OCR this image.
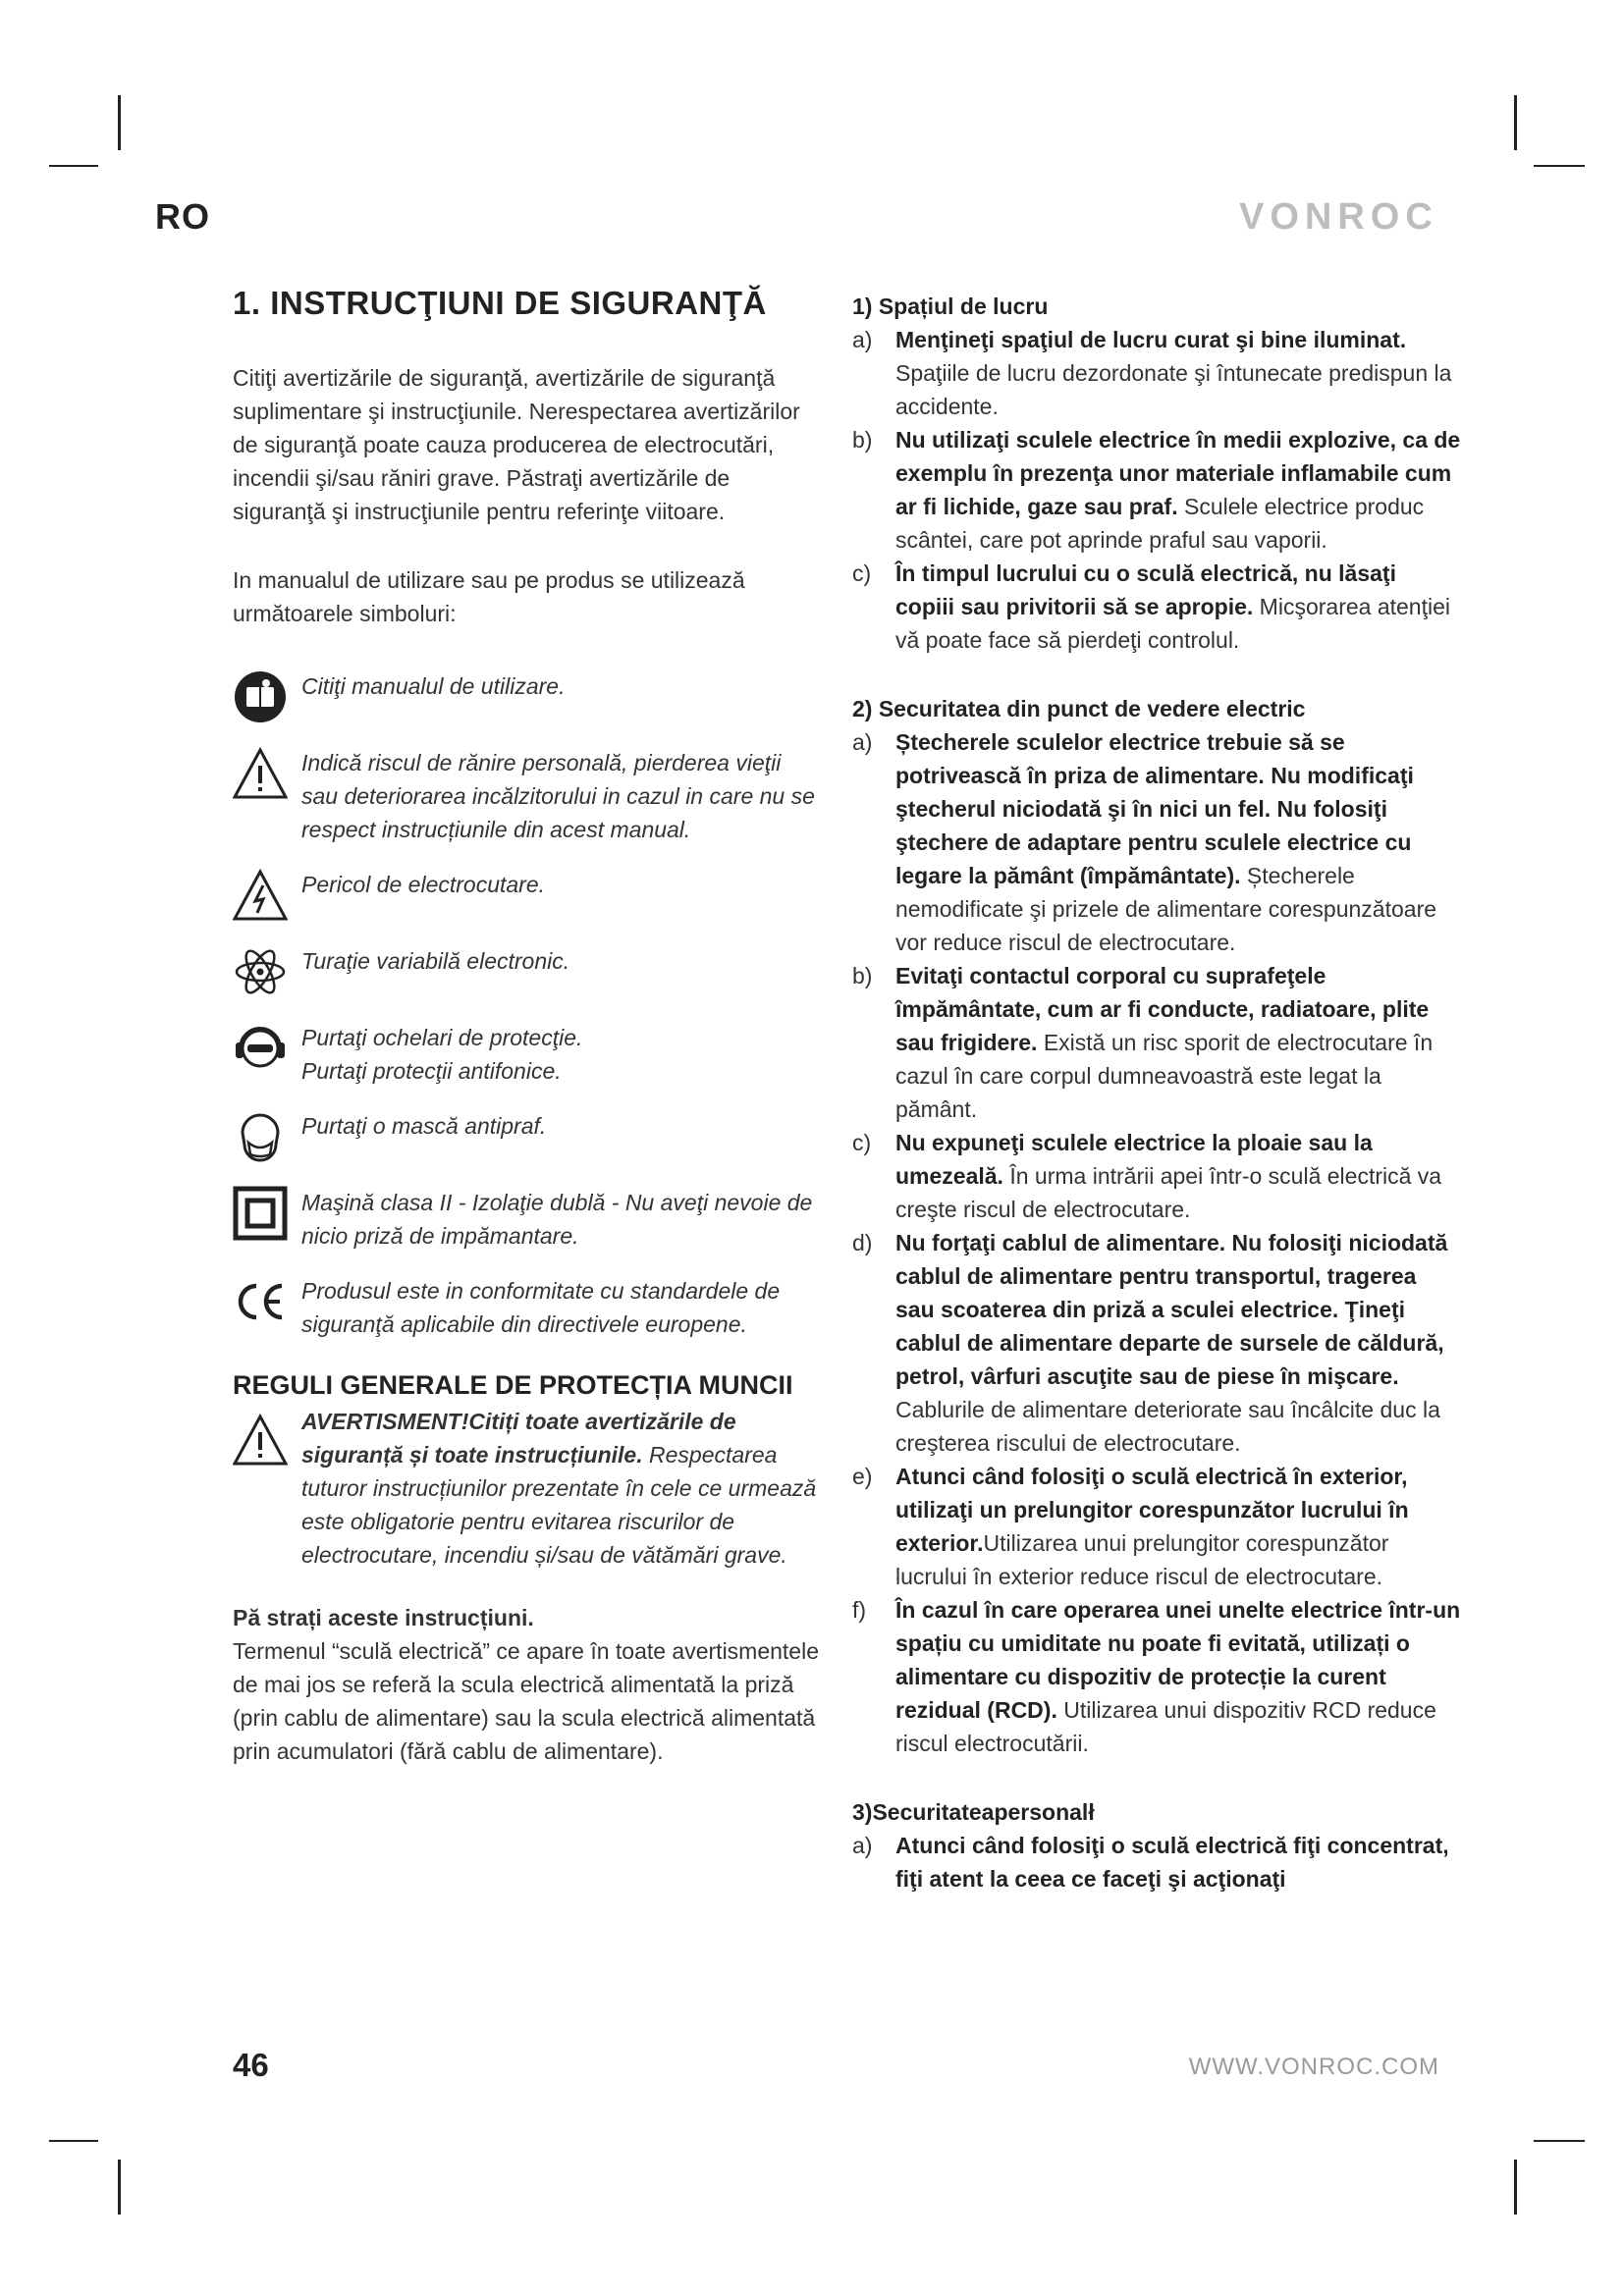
RO	VONROC
1. INSTRUCŢIUNI DE SIGURANŢĂ

Citiţi avertizările de siguranţă, avertizările de siguranţă suplimentare şi instrucţiunile. Nerespectarea avertizărilor de siguranţă poate cauza producerea de electrocutări, incendii şi/sau răniri grave. Păstraţi avertizările de siguranţă şi instrucţiunile pentru referinţe viitoare.

In manualul de utilizare sau pe produs se utilizează următoarele simboluri:

Citiţi manualul de utilizare.
Indică riscul de rănire personală, pierderea vieţii sau deteriorarea incălzitorului in cazul in care nu se respect instrucțiunile din acest manual.
Pericol de electrocutare.
Turaţie variabilă electronic.
Purtaţi ochelari de protecţie.
Purtaţi protecţii antifonice.
Purtaţi o mască antipraf.
Maşină clasa II - Izolaţie dublă - Nu aveţi nevoie de nicio priză de impămantare.
Produsul este in conformitate cu standardele de siguranţă aplicabile din directivele europene.
REGULI GENERALE DE PROTECȚIA MUNCII
AVERTISMENT!Citiți toate avertizările de siguranță și toate instrucțiunile. Respectarea tuturor instrucțiunilor prezentate în cele ce urmează este obligatorie pentru evitarea riscurilor de electrocutare, incendiu și/sau de vătămări grave.
Pă strați aceste instrucțiuni.

Termenul “sculă electrică” ce apare în toate avertismentele de mai jos se referă la scula electrică alimentată la priză (prin cablu de alimentare) sau la scula electrică alimentată prin acumulatori (fără cablu de alimentare).

1) Spațiul de lucru
a)	Menţineţi spaţiul de lucru curat şi bine iluminat. Spaţiile de lucru dezordonate şi întunecate predispun la accidente.
b)	Nu utilizaţi sculele electrice în medii explozive, ca de exemplu în prezenţa unor materiale inflamabile cum ar fi lichide, gaze sau praf. Sculele electrice produc scântei, care pot aprinde praful sau vaporii.
c)	În timpul lucrului cu o sculă electrică, nu lăsaţi copiii sau privitorii să se apropie. Micşorarea atenţiei vă poate face să pierdeţi controlul.
2) Securitatea din punct de vedere electric
a)	Ștecherele sculelor electrice trebuie să se potrivească în priza de alimentare. Nu modificaţi ştecherul niciodată şi în nici un fel. Nu folosiţi ştechere de adaptare pentru sculele electrice cu legare la pământ (împământate). Ștecherele nemodificate şi prizele de alimentare corespunzătoare vor reduce riscul de electrocutare.
b)	Evitaţi contactul corporal cu suprafeţele împământate, cum ar fi conducte, radiatoare, plite sau frigidere. Există un risc sporit de electrocutare în cazul în care corpul dumneavoastră este legat la pământ.
c)	Nu expuneţi sculele electrice la ploaie sau la umezeală. În urma intrării apei într-o sculă electrică va creşte riscul de electrocutare.
d)	Nu forţaţi cablul de alimentare. Nu folosiţi niciodată cablul de alimentare pentru transportul, tragerea sau scoaterea din priză a sculei electrice. Ţineţi cablul de alimentare departe de sursele de căldură, petrol, vârfuri ascuţite sau de piese în mişcare. Cablurile de alimentare deteriorate sau încâlcite duc la creşterea riscului de electrocutare.
e)	Atunci când folosiţi o sculă electrică în exterior, utilizaţi un prelungitor corespunzător lucrului în exterior.Utilizarea unui prelungitor corespunzător lucrului în exterior reduce riscul de electrocutare.
f)	În cazul în care operarea unei unelte electrice într-un spațiu cu umiditate nu poate fi evitată, utilizați o alimentare cu dispozitiv de protecție la curent rezidual (RCD). Utilizarea unui dispozitiv RCD reduce riscul electrocutării.
3)Securitateapersonalł
a)	Atunci când folosiţi o sculă electrică fiţi concentrat, fiţi atent la ceea ce faceţi şi acţionaţi
46	WWW.VONROC.COM
